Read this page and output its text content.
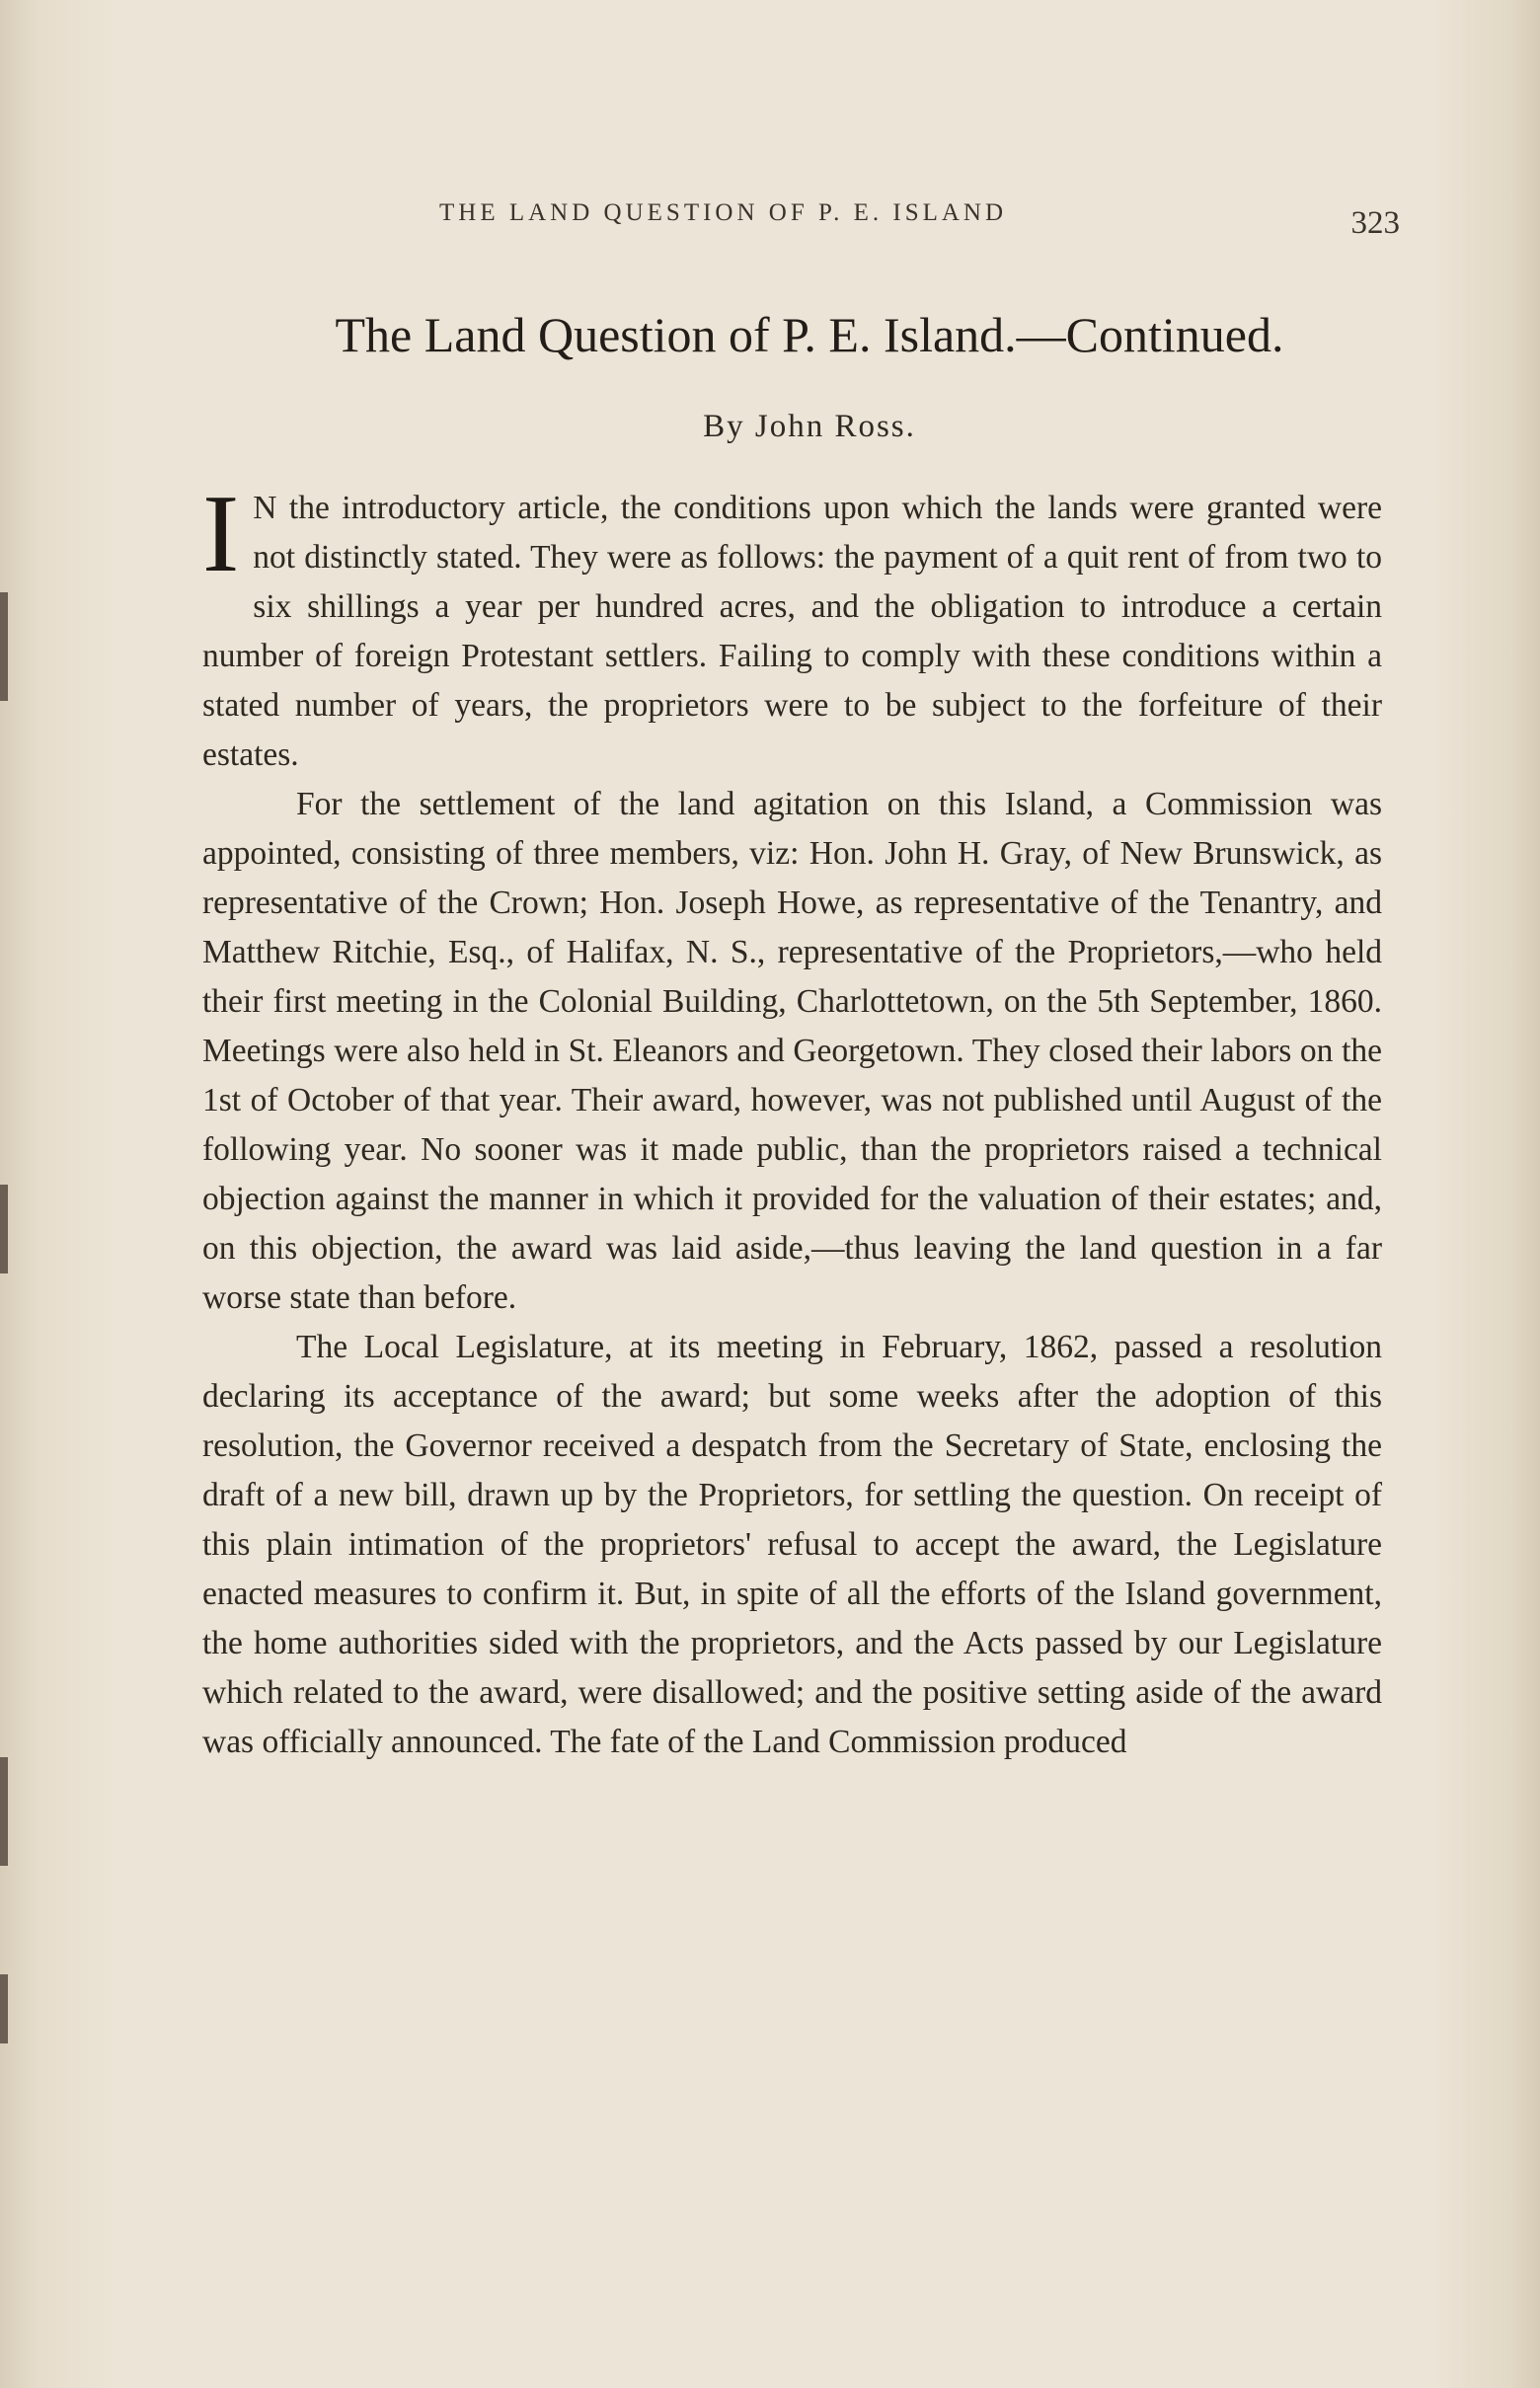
THE LAND QUESTION OF P. E. ISLAND	323
The Land Question of P. E. Island.—Continued.
By John Ross.

I N the introductory article, the conditions upon which the lands were granted were not distinctly stated. They were as follows: the payment of a quit rent of from two to six shillings a year per hundred acres, and the obligation to introduce a certain number of foreign Protestant settlers. Failing to comply with these conditions within a stated number of years, the proprietors were to be subject to the forfeiture of their estates.

For the settlement of the land agitation on this Island, a Commission was appointed, consisting of three members, viz: Hon. John H. Gray, of New Brunswick, as representative of the Crown; Hon. Joseph Howe, as representative of the Tenantry, and Matthew Ritchie, Esq., of Halifax, N. S., representative of the Proprietors,—who held their first meeting in the Colonial Building, Charlottetown, on the 5th September, 1860. Meetings were also held in St. Eleanors and Georgetown. They closed their labors on the 1st of October of that year. Their award, however, was not published until August of the following year. No sooner was it made public, than the proprietors raised a technical objection against the manner in which it provided for the valuation of their estates; and, on this objection, the award was laid aside,—thus leaving the land question in a far worse state than before.

The Local Legislature, at its meeting in February, 1862, passed a resolution declaring its acceptance of the award; but some weeks after the adoption of this resolution, the Governor received a despatch from the Secretary of State, enclosing the draft of a new bill, drawn up by the Proprietors, for settling the question. On receipt of this plain intimation of the proprietors' refusal to accept the award, the Legislature enacted measures to confirm it. But, in spite of all the efforts of the Island government, the home authorities sided with the proprietors, and the Acts passed by our Legislature which related to the award, were disallowed; and the positive setting aside of the award was officially announced. The fate of the Land Commission produced
